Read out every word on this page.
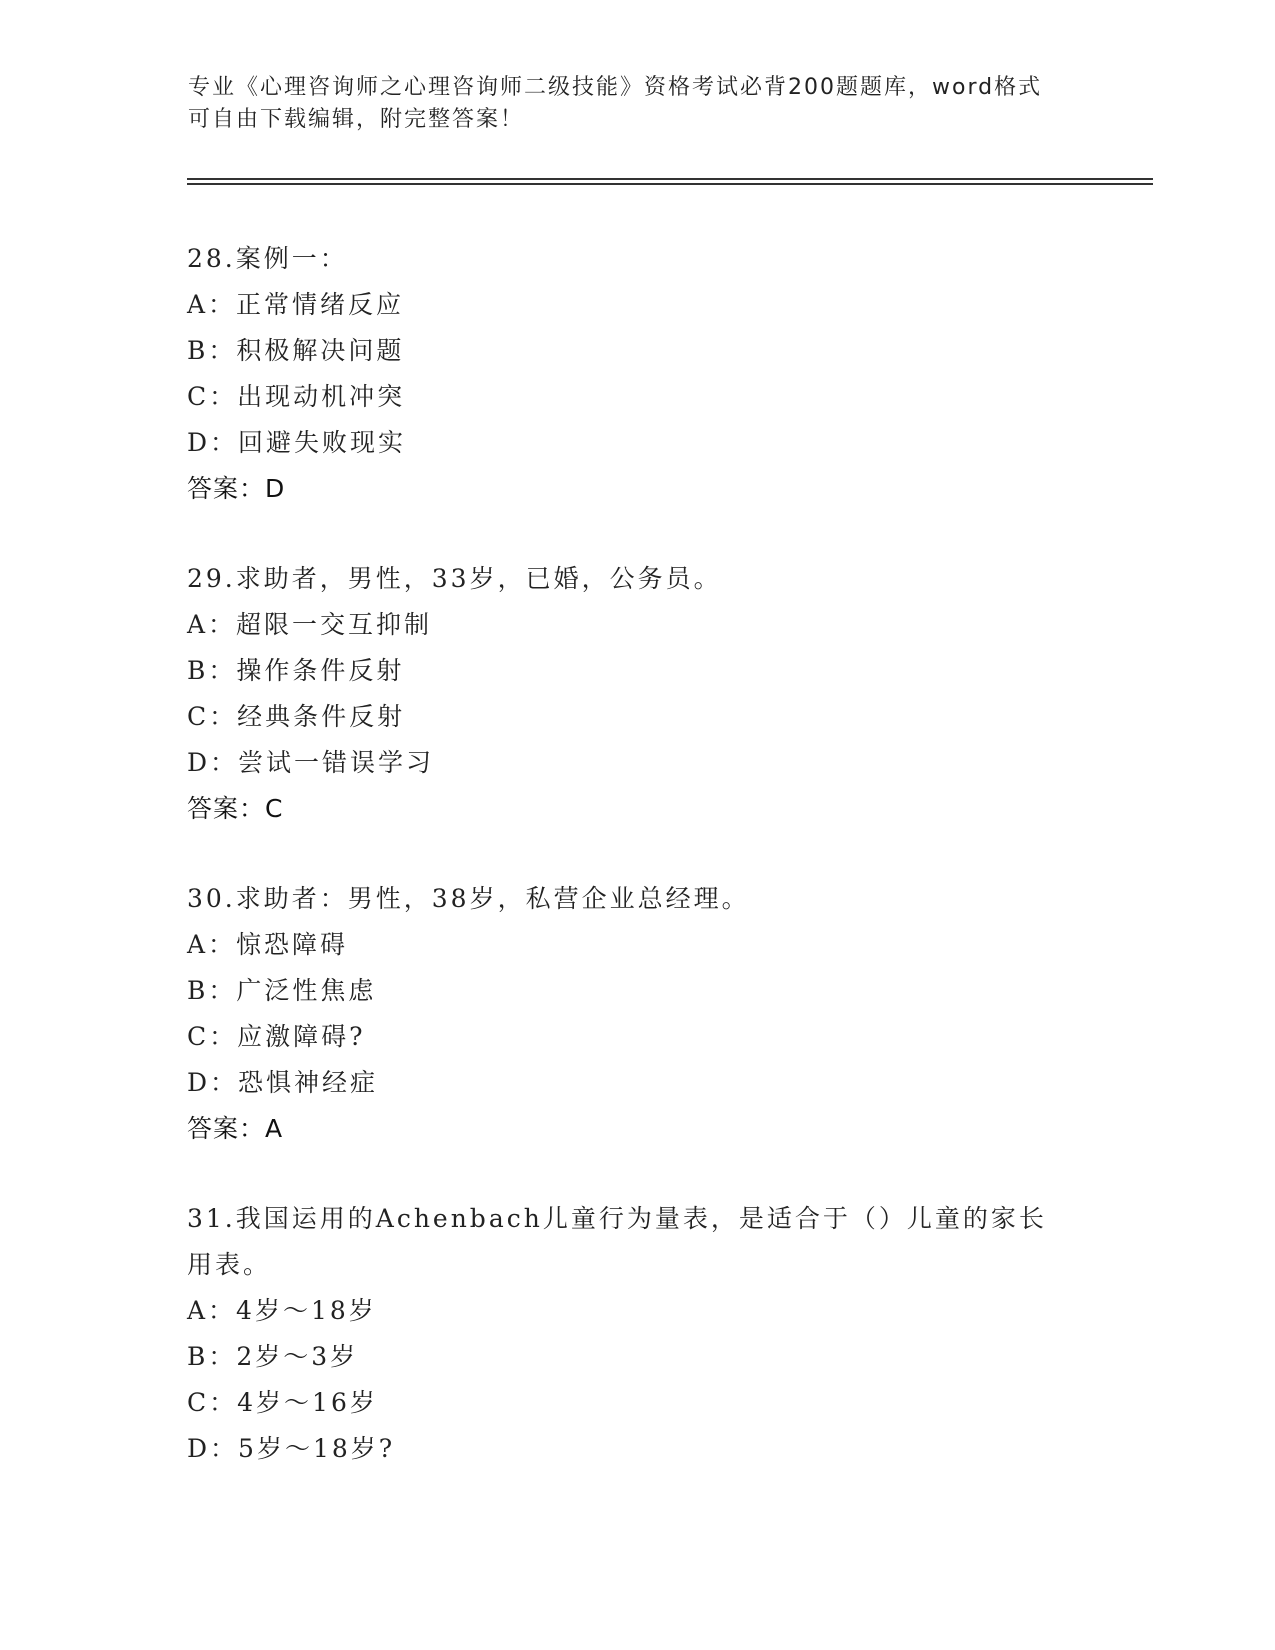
专业《心理咨询师之心理咨询师二级技能》资格考试必背200题题库，word格式
可自由下载编辑，附完整答案！
28.案例一：
A：正常情绪反应
B：积极解决问题
C：出现动机冲突
D：回避失败现实
答案：D
29.求助者，男性，33岁，已婚，公务员。
A：超限一交互抑制
B：操作条件反射
C：经典条件反射
D：尝试一错误学习
答案：C
30.求助者：男性，38岁，私营企业总经理。
A：惊恐障碍
B：广泛性焦虑
C：应激障碍?
D：恐惧神经症
答案：A
31.我国运用的Achenbach儿童行为量表，是适合于（）儿童的家长用表。
A：4岁～18岁
B：2岁～3岁
C：4岁～16岁
D：5岁～18岁?
